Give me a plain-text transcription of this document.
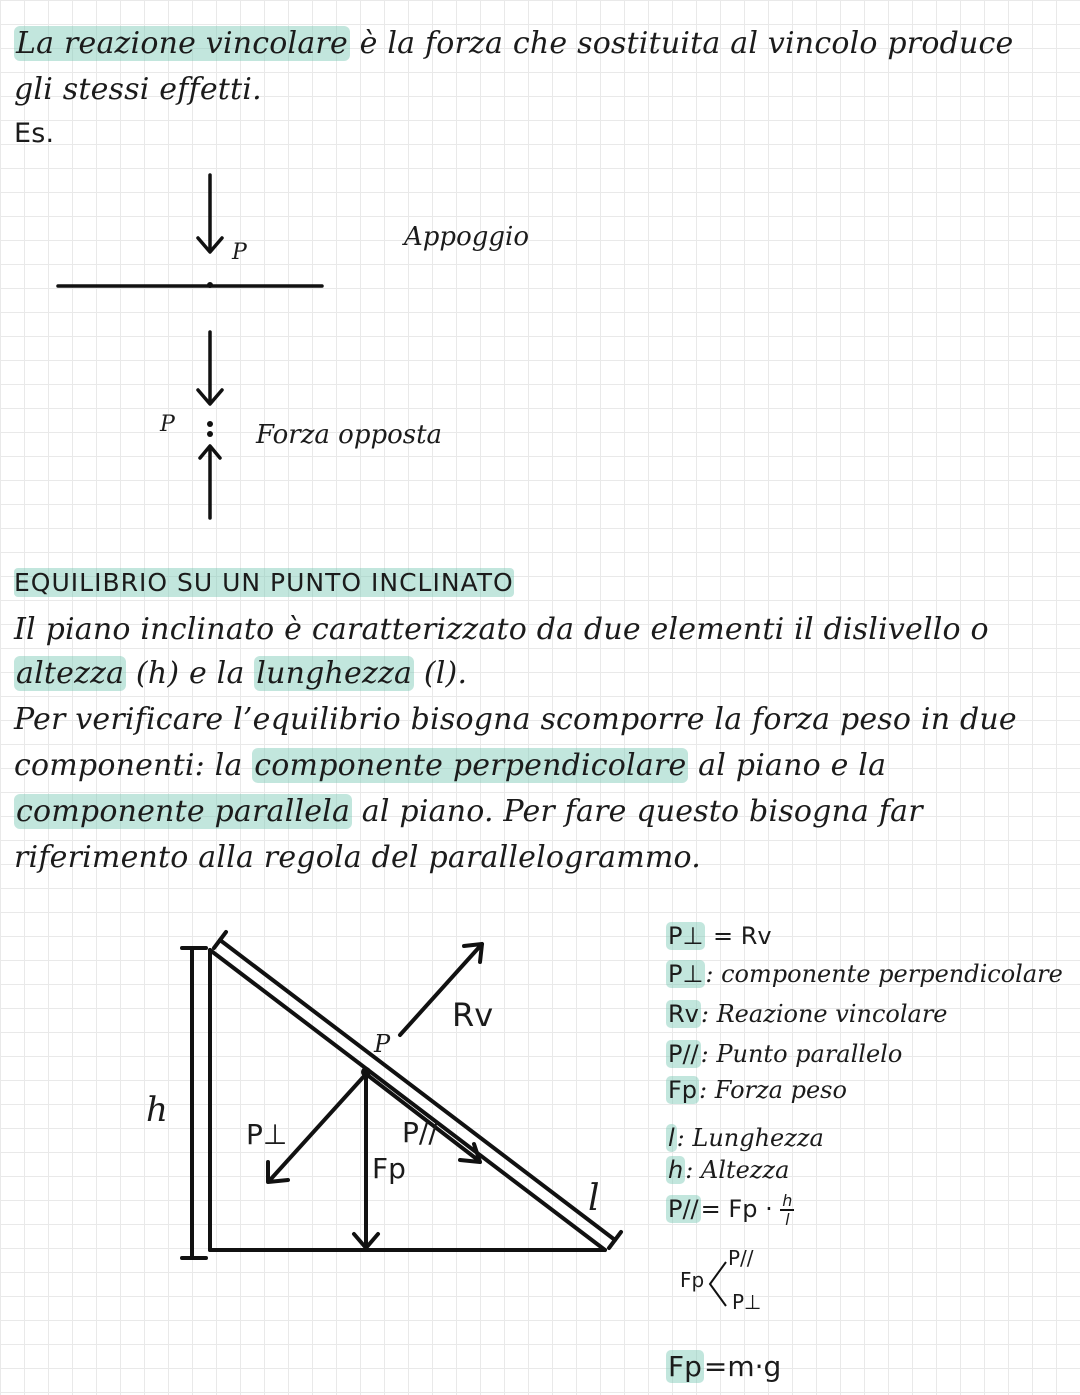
La reazione vincolare è la forza che sostituita al vincolo produce

gli stessi effetti.

Es.

P
Appoggio
P	Forza opposta

EQUILIBRIO SU UN PUNTO INCLINATO

Il piano inclinato è caratterizzato da due elementi il dislivello o

altezza (h) e la lunghezza (l).

Per verificare l’equilibrio bisogna scomporre la forza peso in due

componenti: la componente perpendicolare al piano e la

componente parallela al piano. Per fare questo bisogna far

riferimento alla regola del parallelogrammo.

h
l
P
Rv
P⊥	P//
Fp
P⊥ = Rv
P⊥: componente perpendicolare
Rv: Reazione vincolare
P//: Punto parallelo
Fp: Forza peso
l: Lunghezza
h: Altezza
$P//= Fp \cdot \frac{h}{l}$
Fp
P//
P⊥
Fp=m·g
